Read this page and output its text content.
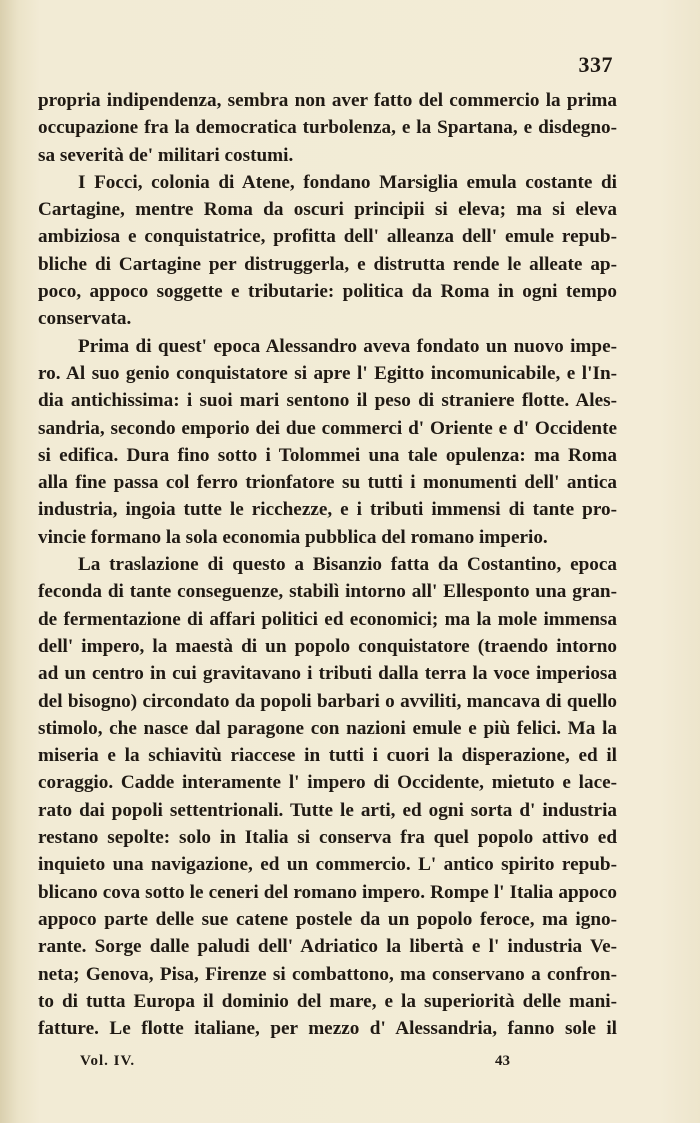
337
propria indipendenza, sembra non aver fatto del commercio la prima
occupazione fra la democratica turbolenza, e la Spartana, e disdegno-
sa severità de' militari costumi.
I Focci, colonia di Atene, fondano Marsiglia emula costante di
Cartagine, mentre Roma da oscuri principii si eleva; ma si eleva
ambiziosa e conquistatrice, profitta dell' alleanza dell' emule repub-
bliche di Cartagine per distruggerla, e distrutta rende le alleate ap-
poco, appoco soggette e tributarie: politica da Roma in ogni tempo
conservata.
Prima di quest' epoca Alessandro aveva fondato un nuovo impe-
ro. Al suo genio conquistatore si apre l' Egitto incomunicabile, e l'In-
dia antichissima: i suoi mari sentono il peso di straniere flotte. Ales-
sandria, secondo emporio dei due commerci d' Oriente e d' Occidente
si edifica. Dura fino sotto i Tolommei una tale opulenza: ma Roma
alla fine passa col ferro trionfatore su tutti i monumenti dell' antica
industria, ingoia tutte le ricchezze, e i tributi immensi di tante pro-
vincie formano la sola economia pubblica del romano imperio.
La traslazione di questo a Bisanzio fatta da Costantino, epoca
feconda di tante conseguenze, stabilì intorno all' Ellesponto una gran-
de fermentazione di affari politici ed economici; ma la mole immensa
dell' impero, la maestà di un popolo conquistatore (traendo intorno
ad un centro in cui gravitavano i tributi dalla terra la voce imperiosa
del bisogno) circondato da popoli barbari o avviliti, mancava di quello
stimolo, che nasce dal paragone con nazioni emule e più felici. Ma la
miseria e la schiavitù riaccese in tutti i cuori la disperazione, ed il
coraggio. Cadde interamente l' impero di Occidente, mietuto e lace-
rato dai popoli settentrionali. Tutte le arti, ed ogni sorta d' industria
restano sepolte: solo in Italia si conserva fra quel popolo attivo ed
inquieto una navigazione, ed un commercio. L' antico spirito repub-
blicano cova sotto le ceneri del romano impero. Rompe l' Italia appoco
appoco parte delle sue catene postele da un popolo feroce, ma igno-
rante. Sorge dalle paludi dell' Adriatico la libertà e l' industria Ve-
neta; Genova, Pisa, Firenze si combattono, ma conservano a confron-
to di tutta Europa il dominio del mare, e la superiorità delle mani-
fatture. Le flotte italiane, per mezzo d' Alessandria, fanno sole il
Vol. IV.	43
